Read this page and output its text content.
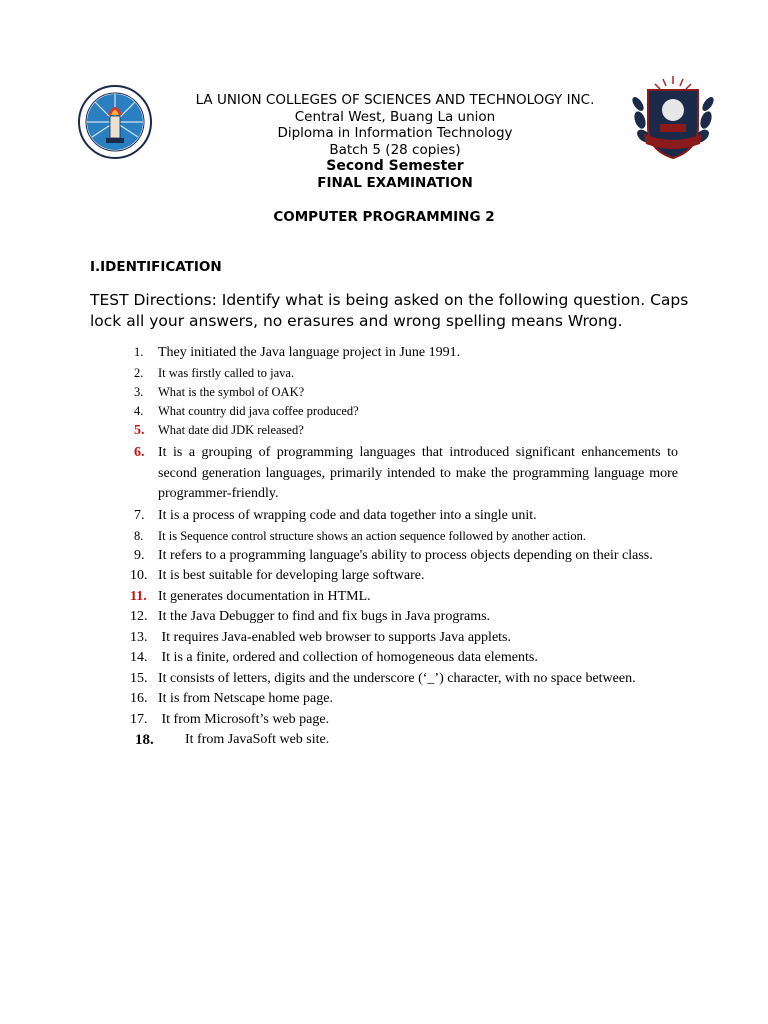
LA UNION COLLEGES OF SCIENCES AND TECHNOLOGY INC.
Central West, Buang La union
Diploma in Information Technology
Batch 5 (28 copies)
Second Semester
FINAL EXAMINATION
COMPUTER PROGRAMMING 2
I.IDENTIFICATION
TEST Directions: Identify what is being asked on the following question. Caps lock all your answers, no erasures and wrong spelling means Wrong.
1.	They initiated the Java language project in June 1991.
2.	It was firstly called to java.
3.	What is the symbol of OAK?
4.	What country did java coffee produced?
5.	What date did JDK released?
6. It is a grouping of programming languages that introduced significant enhancements to second generation languages, primarily intended to make the programming language more programmer-friendly.
7. It is a process of wrapping code and data together into a single unit.
8.	It is Sequence control structure shows an action sequence followed by another action.
9. It refers to a programming language's ability to process objects depending on their class.
10. It is best suitable for developing large software.
11. It generates documentation in HTML.
12. It the Java Debugger to find and fix bugs in Java programs.
13. It requires Java-enabled web browser to supports Java applets.
14. It is a finite, ordered and collection of homogeneous data elements.
15. It consists of letters, digits and the underscore (‘_’) character, with no space between.
16. It is from Netscape home page.
17. It from Microsoft’s web page.
18.	It from JavaSoft web site.
